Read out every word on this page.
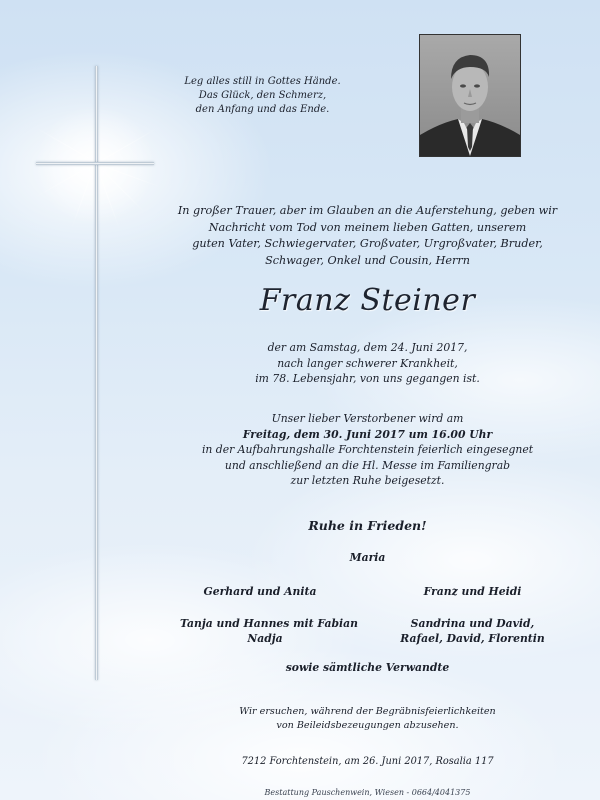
Leg alles still in Gottes Hände.
Das Glück, den Schmerz,
den Anfang und das Ende.
In großer Trauer, aber im Glauben an die Auferstehung, geben wir
Nachricht vom Tod von meinem lieben Gatten, unserem
guten Vater, Schwiegervater, Großvater, Urgroßvater, Bruder,
Schwager, Onkel und Cousin, Herrn
Franz Steiner
der am Samstag, dem 24. Juni 2017,
nach langer schwerer Krankheit,
im 78. Lebensjahr, von uns gegangen ist.
Unser lieber Verstorbener wird am
Freitag, dem 30. Juni 2017 um 16.00 Uhr
in der Aufbahrungshalle Forchtenstein feierlich eingesegnet
und anschließend an die Hl. Messe im Familiengrab
zur letzten Ruhe beigesetzt.
Ruhe in Frieden!
Maria
Gerhard und Anita	Franz und Heidi
Tanja und Hannes mit Fabian
Nadja
Sandrina und David,
Rafael, David, Florentin
sowie sämtliche Verwandte
Wir ersuchen, während der Begräbnisfeierlichkeiten
von Beileidsbezeugungen abzusehen.
7212 Forchtenstein, am 26. Juni 2017, Rosalia 117
Bestattung Pauschenwein, Wiesen - 0664/4041375
